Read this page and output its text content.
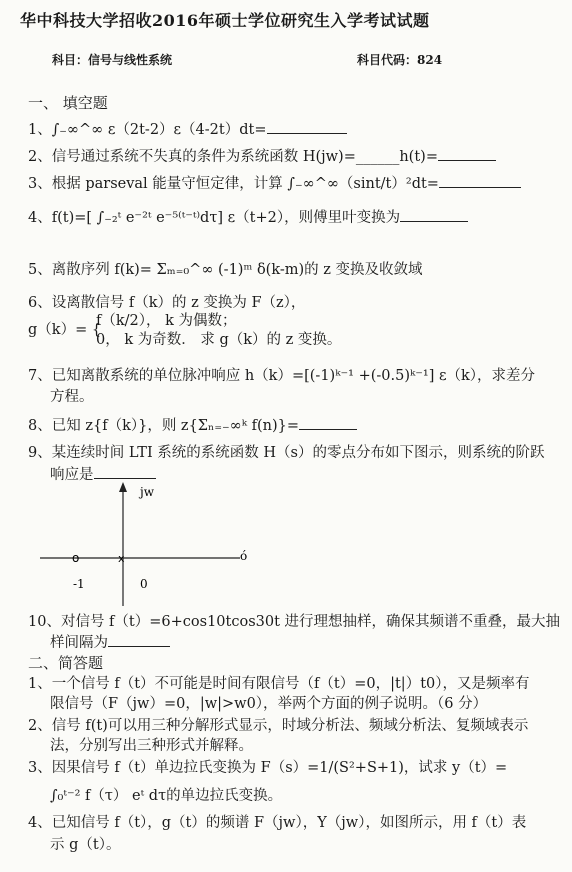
华中科技大学招收2016年硕士学位研究生入学考试试题
科目：信号与线性系统	科目代码：824
一、 填空题
1、∫₋∞^∞ ε（2t-2）ε（4-2t）dt=
2、信号通过系统不失真的条件为系统函数 H(jw)=______h(t)=
3、根据 parseval 能量守恒定律，计算 ∫₋∞^∞（sint/t）²dt=
4、f(t)=[ ∫₋₂ᵗ e⁻²ᵗ e⁻⁵⁽ᵗ⁻ᵗ⁾dτ] ε（t+2），则傅里叶变换为
5、离散序列 f(k)= Σₘ₌₀^∞ (-1)ᵐ δ(k-m)的 z 变换及收敛域
6、设离散信号 f（k）的 z 变换为 F（z），
g（k）= {
f（k/2）， k 为偶数；
0， k 为奇数． 求 g（k）的 z 变换。
7、已知离散系统的单位脉冲响应 h（k）=[(-1)ᵏ⁻¹ +(-0.5)ᵏ⁻¹] ε（k），求差分
方程。
8、已知 z{f（k）}，则 z{Σₙ₌₋∞ᵏ f(n)}=
9、某连续时间 LTI 系统的系统函数 H（s）的零点分布如下图示，则系统的阶跃
响应是
jw
ó
o	x
-1	0
10、对信号 f（t）=6+cos10tcos30t 进行理想抽样，确保其频谱不重叠，最大抽
样间隔为
二、简答题
1、一个信号 f（t）不可能是时间有限信号（f（t）=0，|t|）t0），又是频率有
限信号（F（jw）=0，|w|>w0），举两个方面的例子说明。（6 分）
2、信号 f(t)可以用三种分解形式显示，时域分析法、频域分析法、复频域表示
法，分别写出三种形式并解释。
3、因果信号 f（t）单边拉氏变换为 F（s）=1/(S²+S+1)，试求 y（t）=
∫₀ᵗ⁻² f（τ） eᵗ dτ的单边拉氏变换。
4、已知信号 f（t），g（t）的频谱 F（jw），Y（jw），如图所示，用 f（t）表
示 g（t）。
